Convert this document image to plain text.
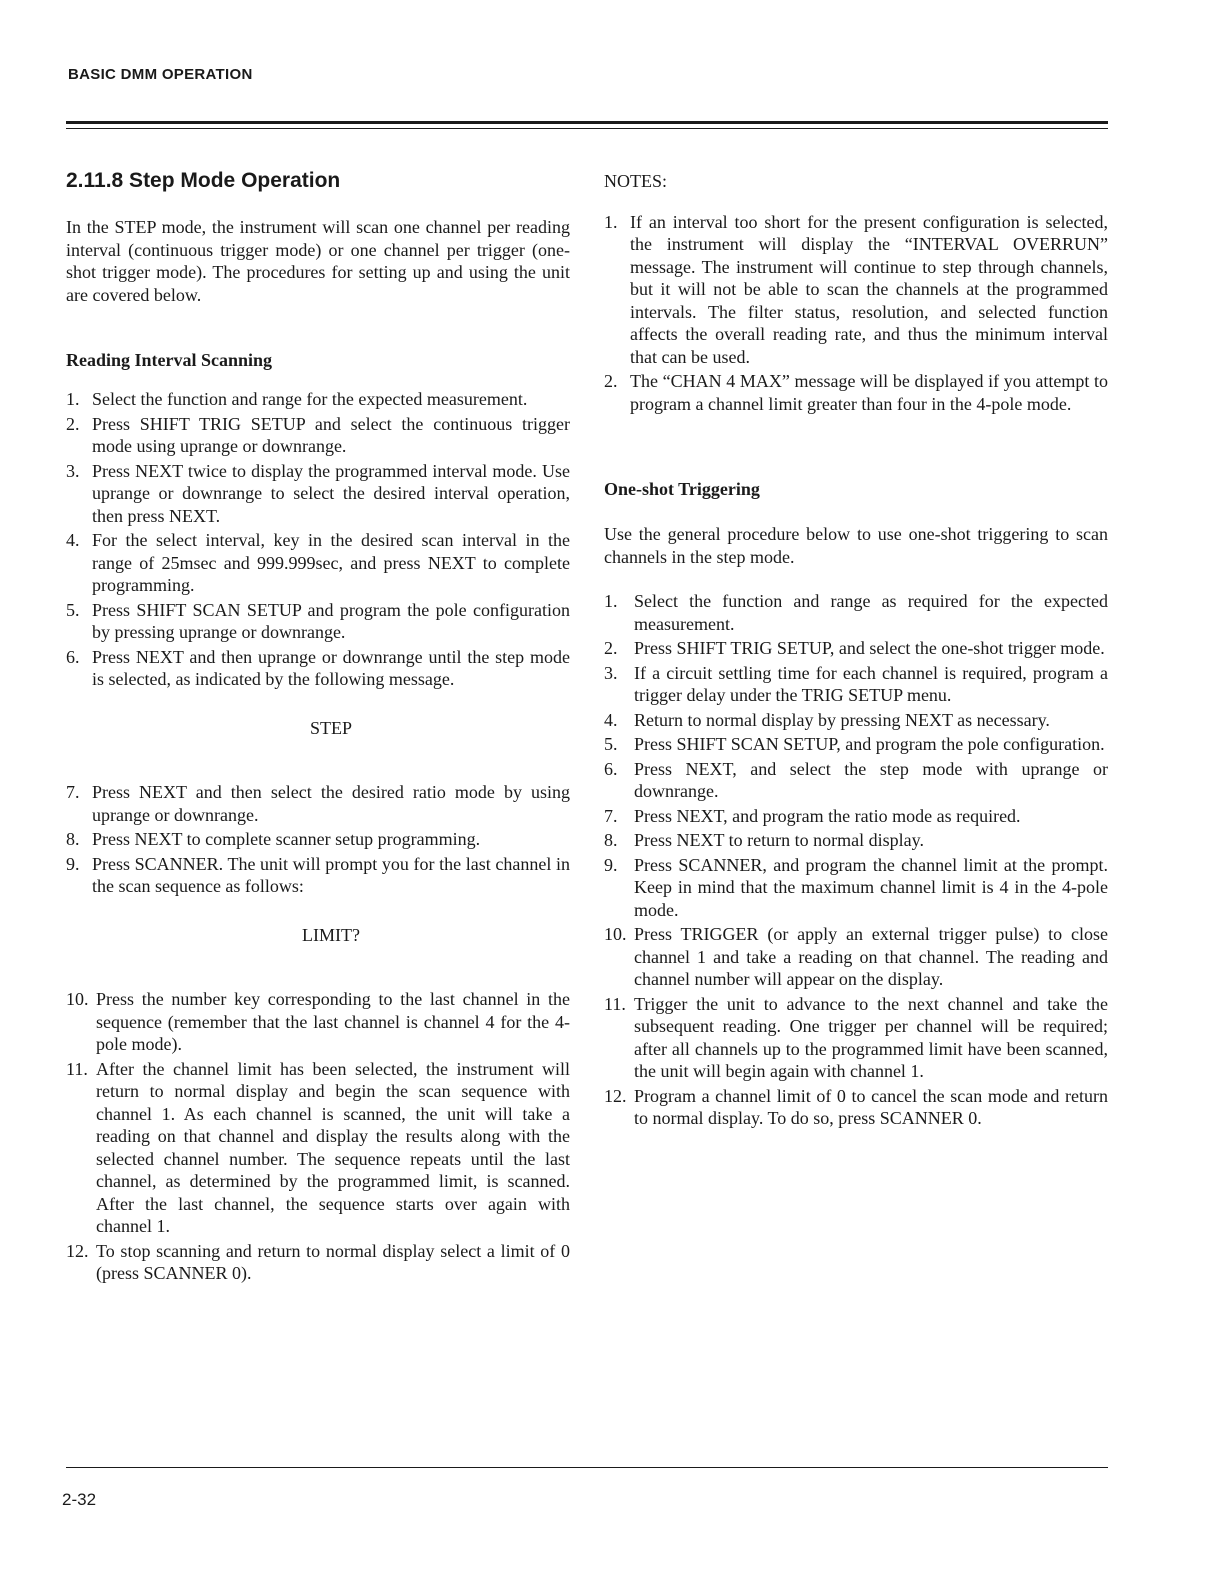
BASIC DMM OPERATION
2.11.8 Step Mode Operation

In the STEP mode, the instrument will scan one channel per reading interval (continuous trigger mode) or one channel per trigger (one-shot trigger mode). The procedures for setting up and using the unit are covered below.

Reading Interval Scanning
1. Select the function and range for the expected measurement.
2. Press SHIFT TRIG SETUP and select the continuous trigger mode using uprange or downrange.
3. Press NEXT twice to display the programmed interval mode. Use uprange or downrange to select the desired interval operation, then press NEXT.
4. For the select interval, key in the desired scan interval in the range of 25msec and 999.999sec, and press NEXT to complete programming.
5. Press SHIFT SCAN SETUP and program the pole configuration by pressing uprange or downrange.
6. Press NEXT and then uprange or downrange until the step mode is selected, as indicated by the following message.
STEP
7. Press NEXT and then select the desired ratio mode by using uprange or downrange.
8. Press NEXT to complete scanner setup programming.
9. Press SCANNER. The unit will prompt you for the last channel in the scan sequence as follows:
LIMIT?
10. Press the number key corresponding to the last channel in the sequence (remember that the last channel is channel 4 for the 4-pole mode).
11. After the channel limit has been selected, the instrument will return to normal display and begin the scan sequence with channel 1. As each channel is scanned, the unit will take a reading on that channel and display the results along with the selected channel number. The sequence repeats until the last channel, as determined by the programmed limit, is scanned. After the last channel, the sequence starts over again with channel 1.
12. To stop scanning and return to normal display select a limit of 0 (press SCANNER 0).
NOTES:
1. If an interval too short for the present configuration is selected, the instrument will display the “INTERVAL OVERRUN” message. The instrument will continue to step through channels, but it will not be able to scan the channels at the programmed intervals. The filter status, resolution, and selected function affects the overall reading rate, and thus the minimum interval that can be used.
2. The “CHAN 4 MAX” message will be displayed if you attempt to program a channel limit greater than four in the 4-pole mode.
One-shot Triggering

Use the general procedure below to use one-shot triggering to scan channels in the step mode.

1. Select the function and range as required for the expected measurement.
2. Press SHIFT TRIG SETUP, and select the one-shot trigger mode.
3. If a circuit settling time for each channel is required, program a trigger delay under the TRIG SETUP menu.
4. Return to normal display by pressing NEXT as necessary.
5. Press SHIFT SCAN SETUP, and program the pole configuration.
6. Press NEXT, and select the step mode with uprange or downrange.
7. Press NEXT, and program the ratio mode as required.
8. Press NEXT to return to normal display.
9. Press SCANNER, and program the channel limit at the prompt. Keep in mind that the maximum channel limit is 4 in the 4-pole mode.
10. Press TRIGGER (or apply an external trigger pulse) to close channel 1 and take a reading on that channel. The reading and channel number will appear on the display.
11. Trigger the unit to advance to the next channel and take the subsequent reading. One trigger per channel will be required; after all channels up to the programmed limit have been scanned, the unit will begin again with channel 1.
12. Program a channel limit of 0 to cancel the scan mode and return to normal display. To do so, press SCANNER 0.
2-32
